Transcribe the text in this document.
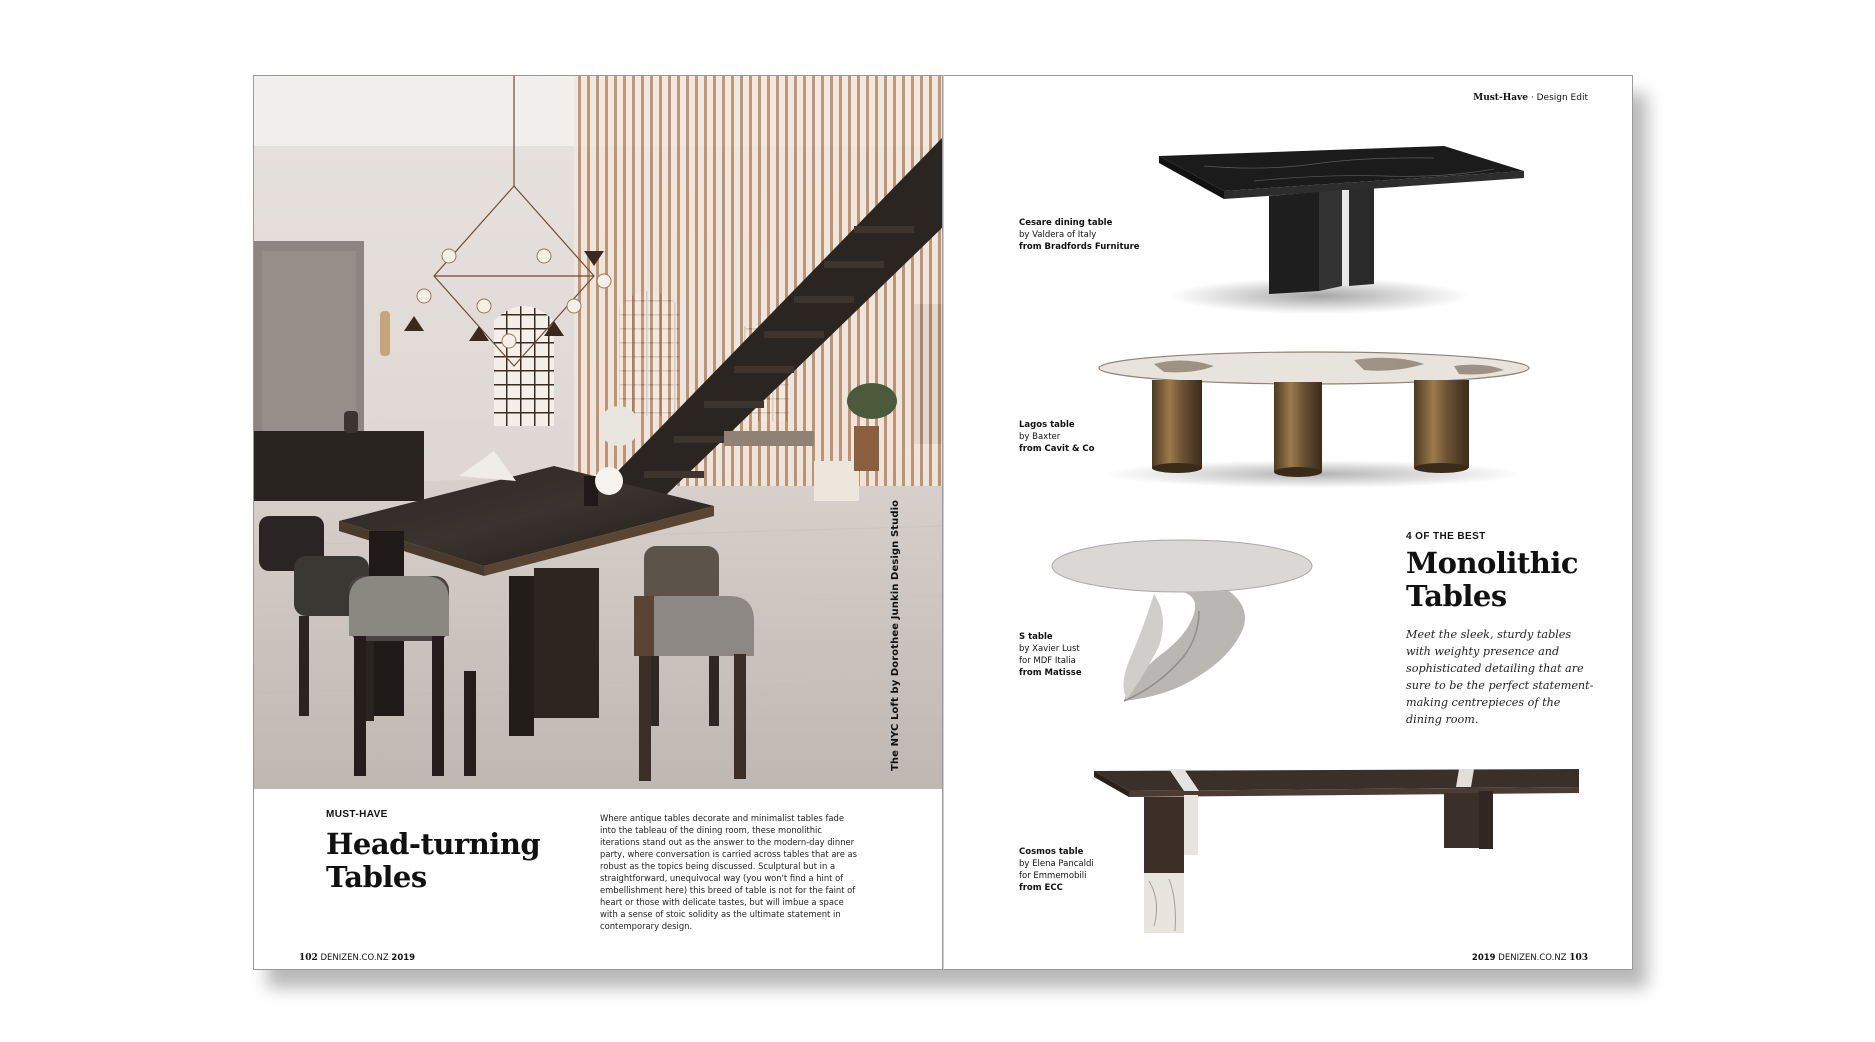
The NYC Loft by Dorothee Junkin Design Studio
MUST-HAVE
Head-turning
Tables
Where antique tables decorate and minimalist tables fade into the tableau of the dining room, these monolithic iterations stand out as the answer to the modern-day dinner party, where conversation is carried across tables that are as robust as the topics being discussed. Sculptural but in a straightforward, unequivocal way (you won't find a hint of embellishment here) this breed of table is not for the faint of heart or those with delicate tastes, but will imbue a space with a sense of stoic solidity as the ultimate statement in contemporary design.
102 DENIZEN.CO.NZ 2019
Must-Have · Design Edit
Cesare dining table
by Valdera of Italy
from Bradfords Furniture
Lagos table
by Baxter
from Cavit & Co
S table
by Xavier Lust
for MDF Italia
from Matisse
Cosmos table
by Elena Pancaldi
for Emmemobili
from ECC
4 OF THE BEST
Monolithic
Tables
Meet the sleek, sturdy tables with weighty presence and sophisticated detailing that are sure to be the perfect statement-making centrepieces of the dining room.
2019 DENIZEN.CO.NZ 103
